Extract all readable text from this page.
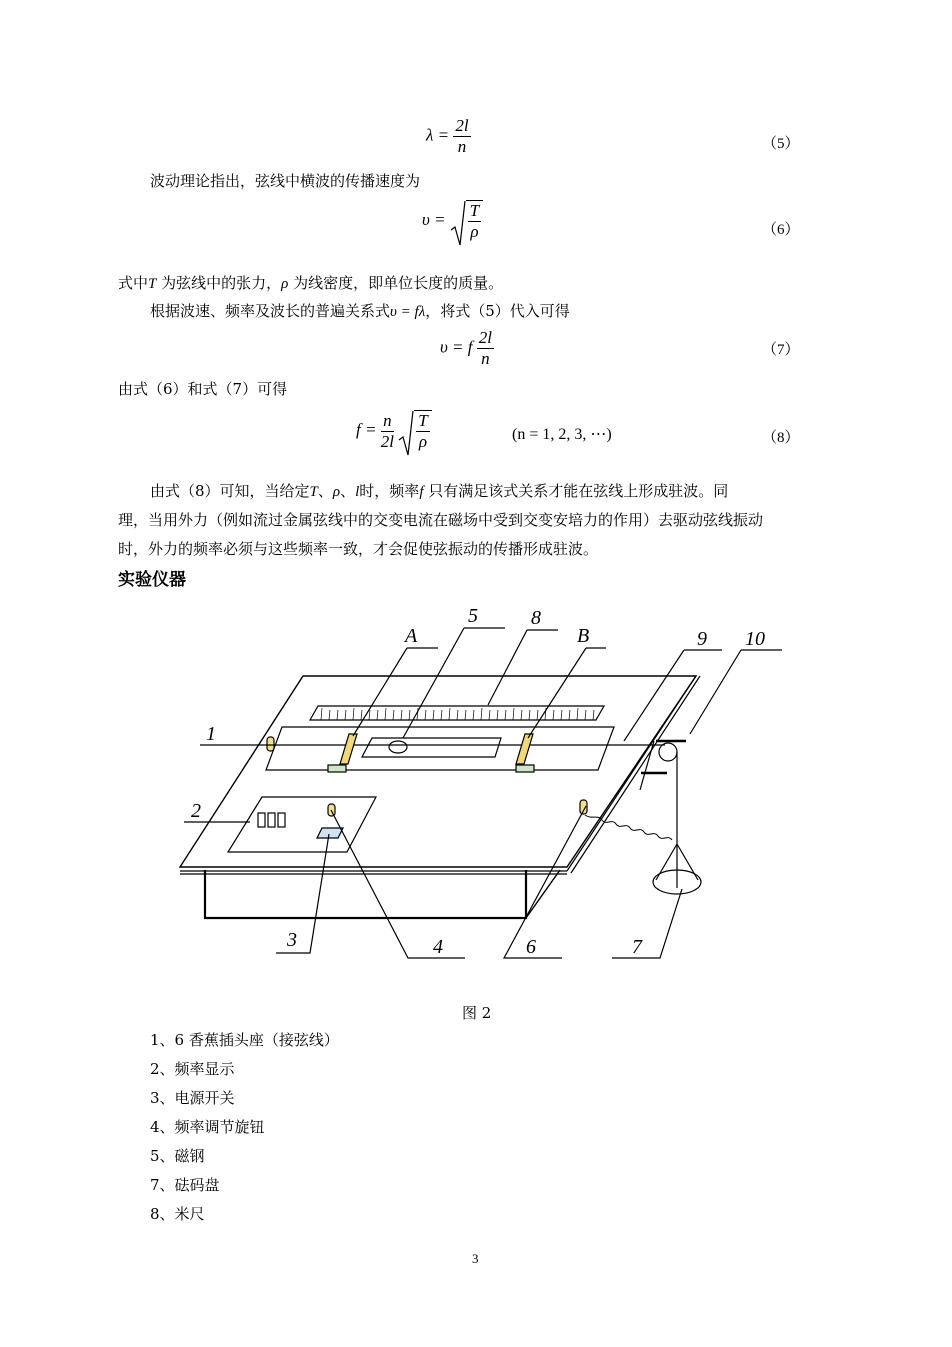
$\lambda = \frac{2l}{n}$	（5）
波动理论指出，弦线中横波的传播速度为
$\upsilon = \frac{T}{\rho}$	（6）
式中T 为弦线中的张力，ρ 为线密度，即单位长度的质量。
根据波速、频率及波长的普遍关系式υ = fλ，将式（5）代入可得
υ = f $\frac{2l}{n}$	（7）
由式（6）和式（7）可得
$f = \frac{n}{2l}$
$\frac{T}{\rho}$	(n = 1, 2, 3, ⋯)	（8）
由式（8）可知，当给定T、ρ、l时，频率f 只有满足该式关系才能在弦线上形成驻波。同
理，当用外力（例如流过金属弦线中的交变电流在磁场中受到交变安培力的作用）去驱动弦线振动
时，外力的频率必须与这些频率一致，才会促使弦振动的传播形成驻波。
实验仪器
1
2
3	4
5
6	7
8
9 10
A	B
图 2
1、6 香蕉插头座（接弦线）
2、频率显示
3、电源开关
4、频率调节旋钮
5、磁钢
7、砝码盘
8、米尺
3
